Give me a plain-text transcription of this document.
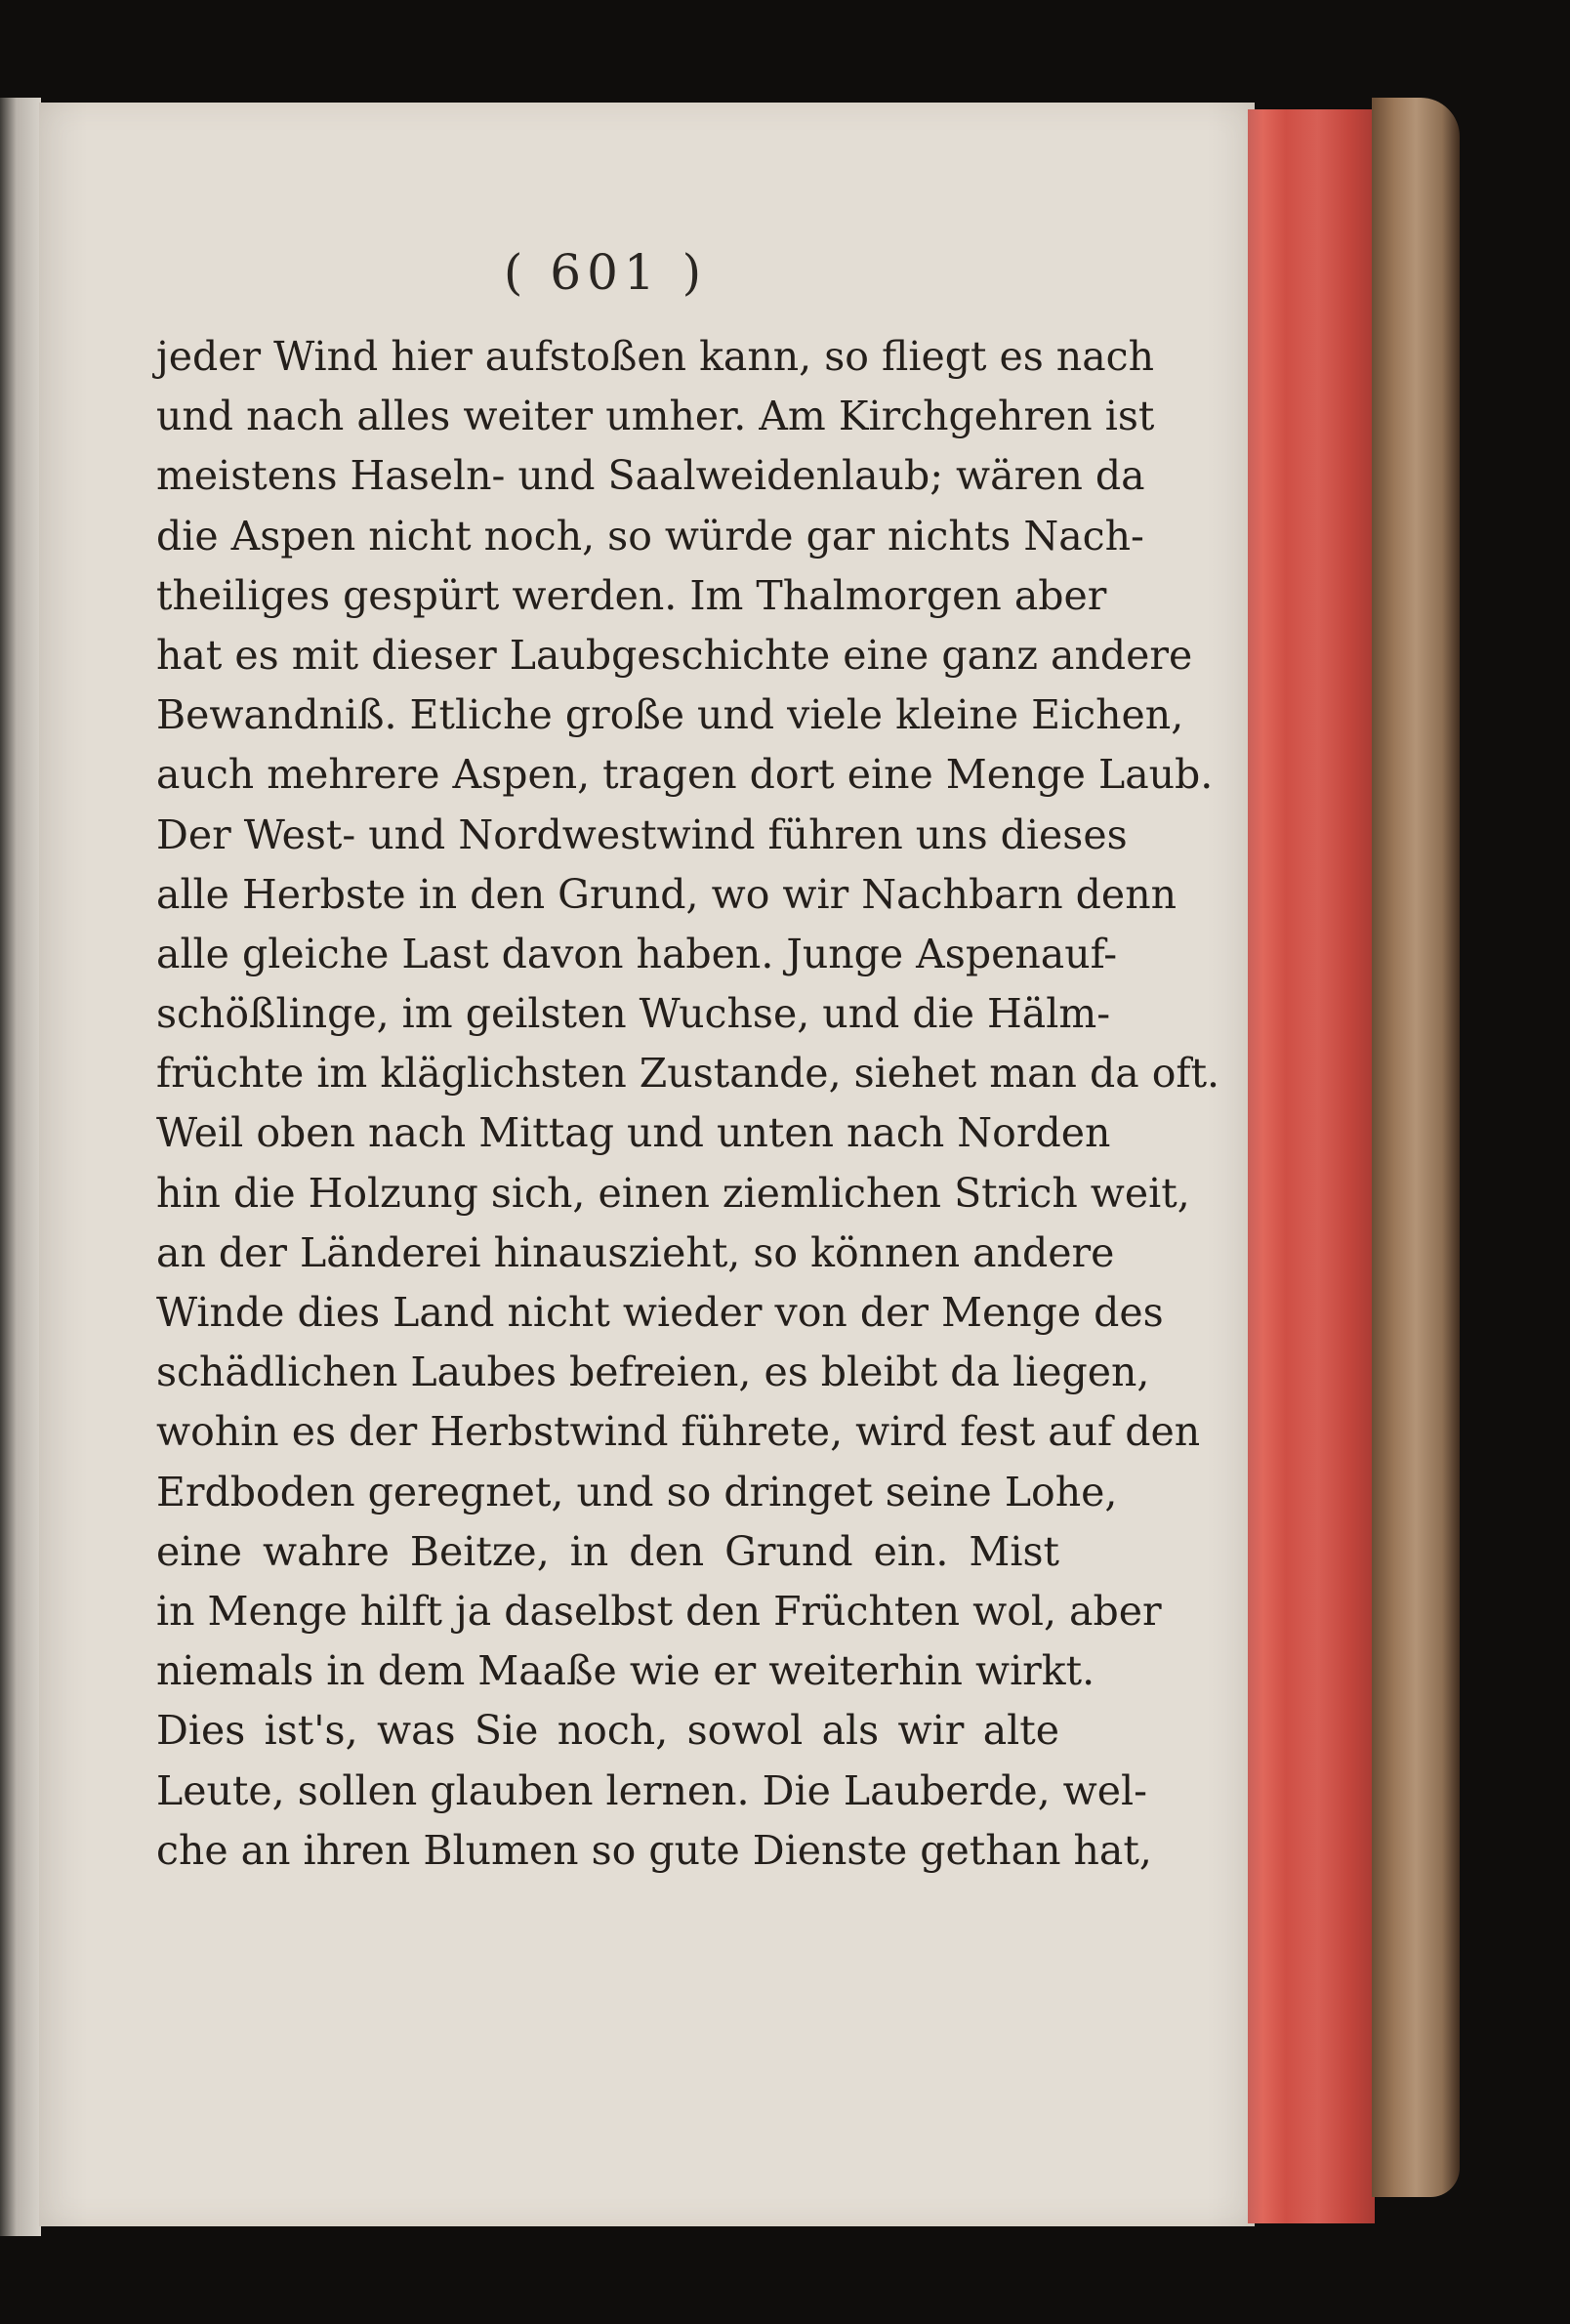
( 601 )
jeder Wind hier aufstoßen kann, so fliegt es nach
und nach alles weiter umher. Am Kirchgehren ist
meistens Haseln- und Saalweidenlaub; wären da
die Aspen nicht noch, so würde gar nichts Nach-
theiliges gespürt werden. Im Thalmorgen aber
hat es mit dieser Laubgeschichte eine ganz andere
Bewandniß. Etliche große und viele kleine Eichen,
auch mehrere Aspen, tragen dort eine Menge Laub.
Der West- und Nordwestwind führen uns dieses
alle Herbste in den Grund, wo wir Nachbarn denn
alle gleiche Last davon haben. Junge Aspenauf-
schößlinge, im geilsten Wuchse, und die Hälm-
früchte im kläglichsten Zustande, siehet man da oft.
Weil oben nach Mittag und unten nach Norden
hin die Holzung sich, einen ziemlichen Strich weit,
an der Länderei hinauszieht, so können andere
Winde dies Land nicht wieder von der Menge des
schädlichen Laubes befreien, es bleibt da liegen,
wohin es der Herbstwind führete, wird fest auf den
Erdboden geregnet, und so dringet seine Lohe,
eine wahre Beitze, in den Grund ein. Mist
in Menge hilft ja daselbst den Früchten wol, aber
niemals in dem Maaße wie er weiterhin wirkt.
Dies ist's, was Sie noch, sowol als wir alte
Leute, sollen glauben lernen. Die Lauberde, wel-
che an ihren Blumen so gute Dienste gethan hat,
